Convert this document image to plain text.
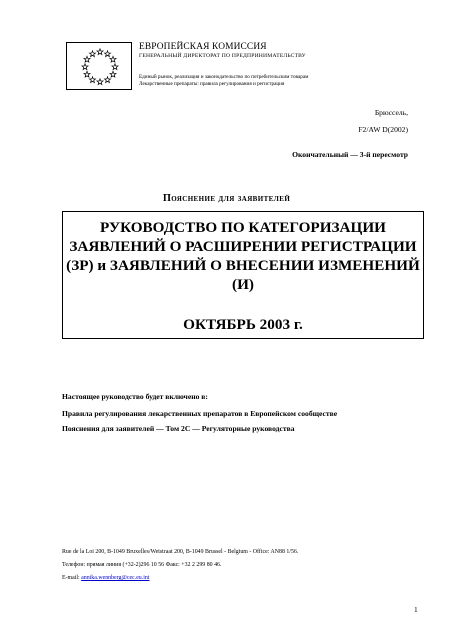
ЕВРОПЕЙСКАЯ КОМИССИЯ
ГЕНЕРАЛЬНЫЙ ДИРЕКТОРАТ ПО ПРЕДПРИНИМАТЕЛЬСТВУ
Единый рынок, реализация и законодательство по потребительским товарам
Лекарственные препараты: правила регулирования и регистрация
Брюссель,
F2/AW D(2002)
Окончательный — 3-й пересмотр
Пояснение для заявителей
РУКОВОДСТВО ПО КАТЕГОРИЗАЦИИ
ЗАЯВЛЕНИЙ О РАСШИРЕНИИ РЕГИСТРАЦИИ
(ЗР) и ЗАЯВЛЕНИЙ О ВНЕСЕНИИ ИЗМЕНЕНИЙ
(И)
ОКТЯБРЬ 2003 г.
Настоящее руководство будет включено в:
Правила регулирования лекарственных препаратов в Европейском сообществе
Пояснения для заявителей — Том 2С — Регуляторные руководства
Rue de la Loi 200, B-1049 Bruxelles/Wetstraat 200, B-1049 Brussel - Belgium - Office: AN88 1/56.
Телефон: прямая линия (+32-2)296 10 56 Факс: +32 2 299 80 46.
E-mail: annika.wennberg@cec.eu.int
1
